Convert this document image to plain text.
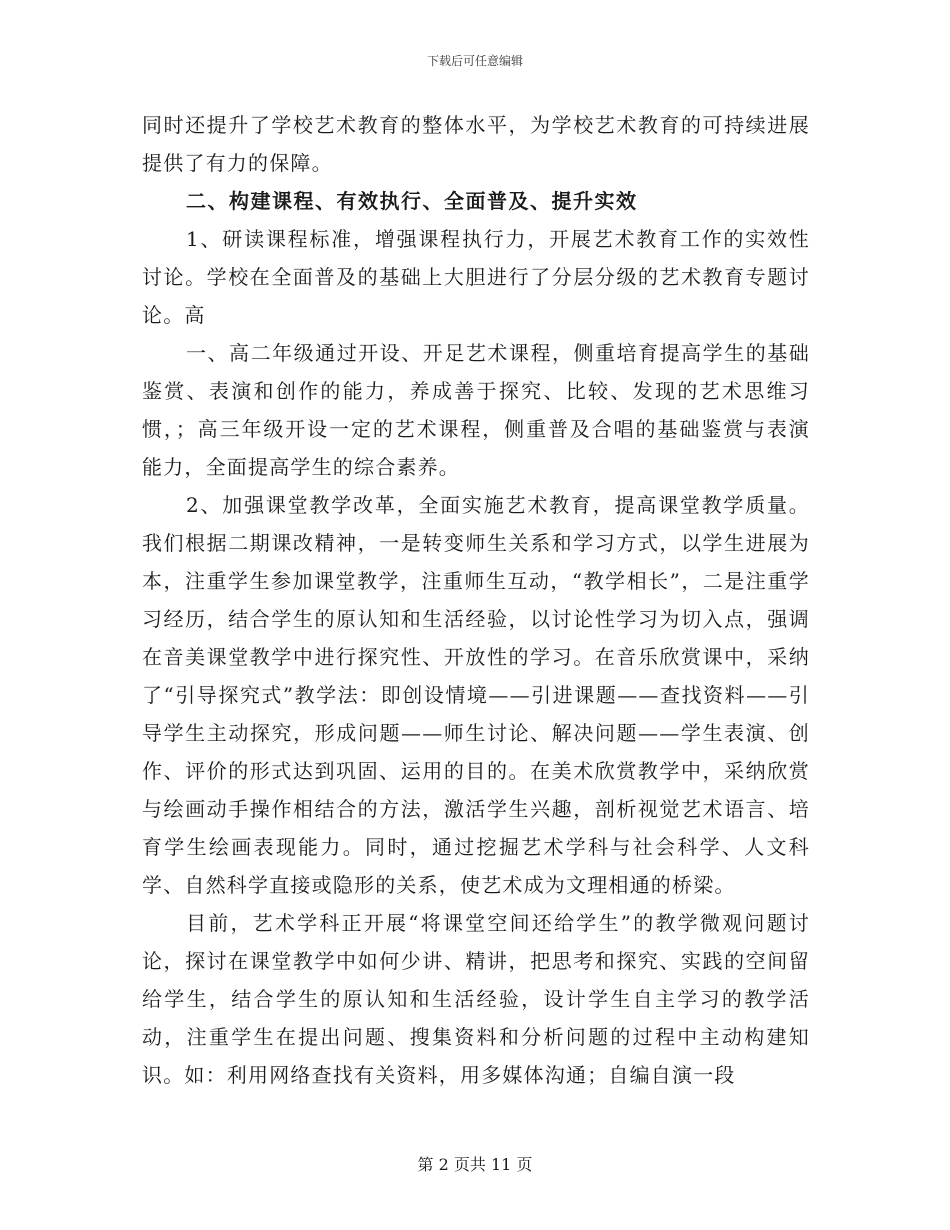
下载后可任意编辑

同时还提升了学校艺术教育的整体水平，为学校艺术教育的可持续进展提供了有力的保障。

二、构建课程、有效执行、全面普及、提升实效

1、研读课程标准，增强课程执行力，开展艺术教育工作的实效性讨论。学校在全面普及的基础上大胆进行了分层分级的艺术教育专题讨论。高

一、高二年级通过开设、开足艺术课程，侧重培育提高学生的基础鉴赏、表演和创作的能力，养成善于探究、比较、发现的艺术思维习惯，；高三年级开设一定的艺术课程，侧重普及合唱的基础鉴赏与表演能力，全面提高学生的综合素养。

2、加强课堂教学改革，全面实施艺术教育，提高课堂教学质量。我们根据二期课改精神，一是转变师生关系和学习方式，以学生进展为本，注重学生参加课堂教学，注重师生互动，“教学相长”，二是注重学习经历，结合学生的原认知和生活经验，以讨论性学习为切入点，强调在音美课堂教学中进行探究性、开放性的学习。在音乐欣赏课中，采纳了“引导探究式”教学法：即创设情境——引进课题——查找资料——引导学生主动探究，形成问题——师生讨论、解决问题——学生表演、创作、评价的形式达到巩固、运用的目的。在美术欣赏教学中，采纳欣赏与绘画动手操作相结合的方法，激活学生兴趣，剖析视觉艺术语言、培育学生绘画表现能力。同时，通过挖掘艺术学科与社会科学、人文科学、自然科学直接或隐形的关系，使艺术成为文理相通的桥梁。

目前，艺术学科正开展“将课堂空间还给学生”的教学微观问题讨论，探讨在课堂教学中如何少讲、精讲，把思考和探究、实践的空间留给学生，结合学生的原认知和生活经验，设计学生自主学习的教学活动，注重学生在提出问题、搜集资料和分析问题的过程中主动构建知识。如：利用网络查找有关资料，用多媒体沟通；自编自演一段

第 2 页共 11 页
